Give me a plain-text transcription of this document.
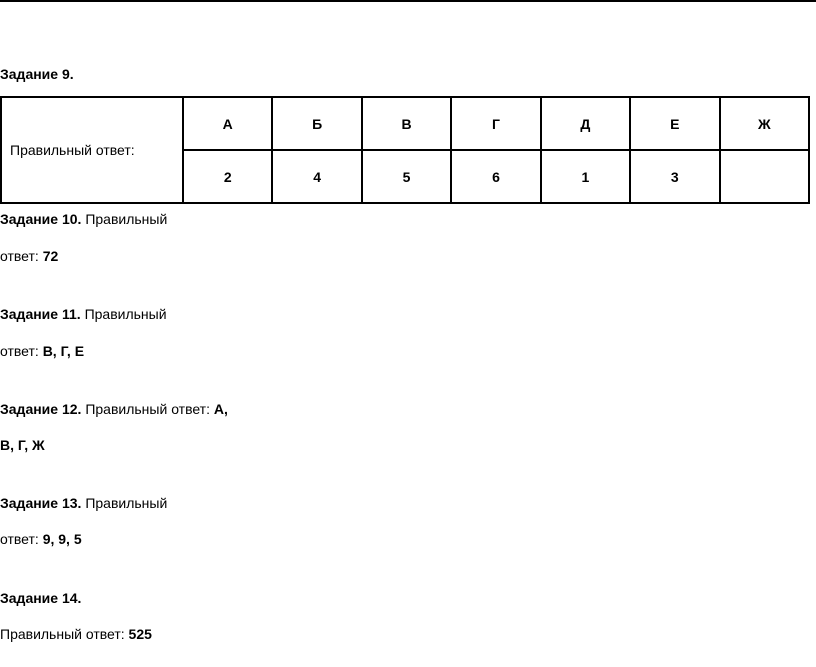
Задание 9.
Правильный ответ:	А	Б	В	Г	Д	Е	Ж
	2	4	5	6	1	3	
Задание 10. Правильный
ответ: 72
Задание 11. Правильный
ответ: В, Г, Е
Задание 12. Правильный ответ: А,
В, Г, Ж
Задание 13. Правильный
ответ: 9, 9, 5
Задание 14.
Правильный ответ: 525
